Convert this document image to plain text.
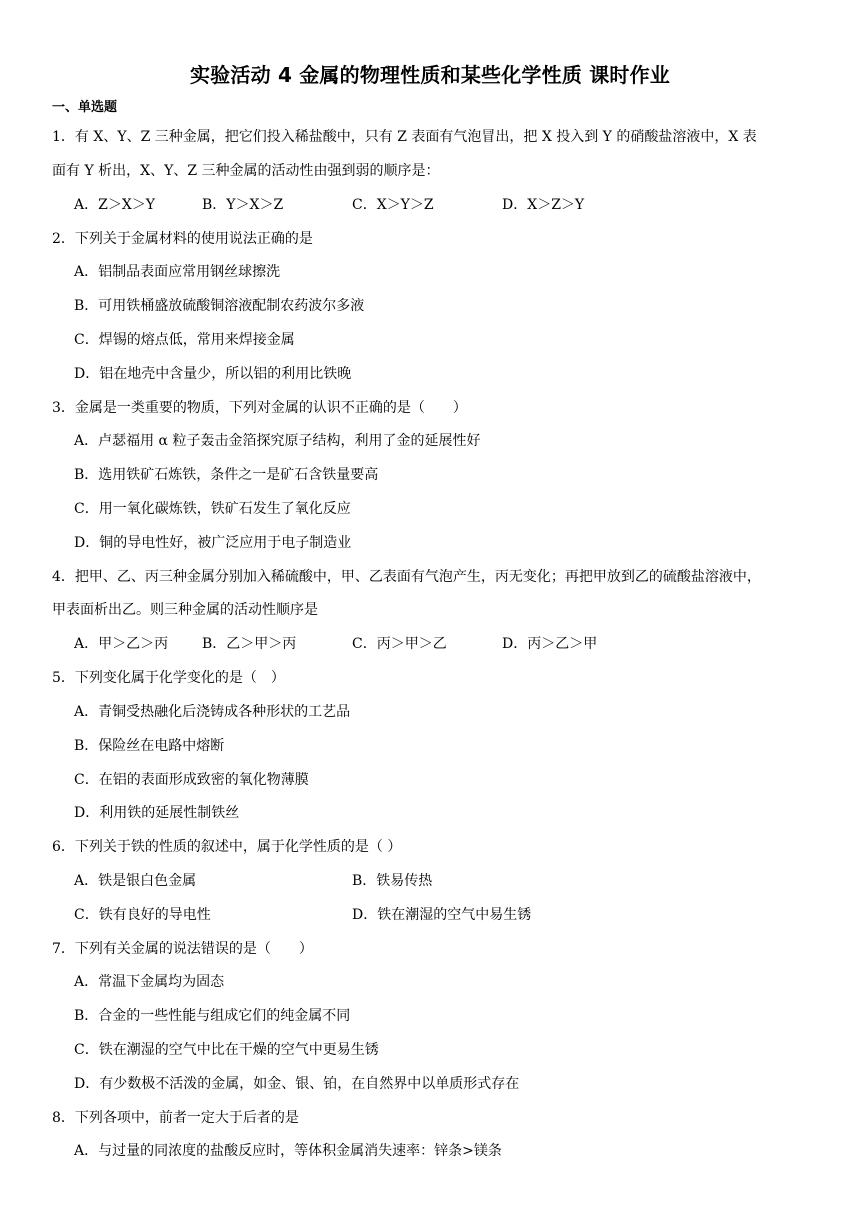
实验活动 4 金属的物理性质和某些化学性质 课时作业
一、单选题
1．有 X、Y、Z 三种金属，把它们投入稀盐酸中，只有 Z 表面有气泡冒出，把 X 投入到 Y 的硝酸盐溶液中，X 表
面有 Y 析出，X、Y、Z 三种金属的活动性由强到弱的顺序是：
A．Z＞X＞Y	B．Y＞X＞Z	C．X＞Y＞Z	D．X＞Z＞Y
2．下列关于金属材料的使用说法正确的是
A．铝制品表面应常用钢丝球擦洗
B．可用铁桶盛放硫酸铜溶液配制农药波尔多液
C．焊锡的熔点低，常用来焊接金属
D．铝在地壳中含量少，所以铝的利用比铁晚
3．金属是一类重要的物质，下列对金属的认识不正确的是（　　）
A．卢瑟福用 α 粒子轰击金箔探究原子结构，利用了金的延展性好
B．选用铁矿石炼铁，条件之一是矿石含铁量要高
C．用一氧化碳炼铁，铁矿石发生了氧化反应
D．铜的导电性好，被广泛应用于电子制造业
4．把甲、乙、丙三种金属分别加入稀硫酸中，甲、乙表面有气泡产生，丙无变化；再把甲放到乙的硫酸盐溶液中，
甲表面析出乙。则三种金属的活动性顺序是
A．甲＞乙＞丙 B．乙＞甲＞丙	C．丙＞甲＞乙	D．丙＞乙＞甲
5．下列变化属于化学变化的是（　）
A．青铜受热融化后浇铸成各种形状的工艺品
B．保险丝在电路中熔断
C．在铝的表面形成致密的氧化物薄膜
D．利用铁的延展性制铁丝
6．下列关于铁的性质的叙述中，属于化学性质的是（ ）
A．铁是银白色金属	B．铁易传热
C．铁有良好的导电性	D．铁在潮湿的空气中易生锈
7．下列有关金属的说法错误的是（　　）
A．常温下金属均为固态
B．合金的一些性能与组成它们的纯金属不同
C．铁在潮湿的空气中比在干燥的空气中更易生锈
D．有少数极不活泼的金属，如金、银、铂，在自然界中以单质形式存在
8．下列各项中，前者一定大于后者的是
A．与过量的同浓度的盐酸反应时，等体积金属消失速率：锌条>镁条
